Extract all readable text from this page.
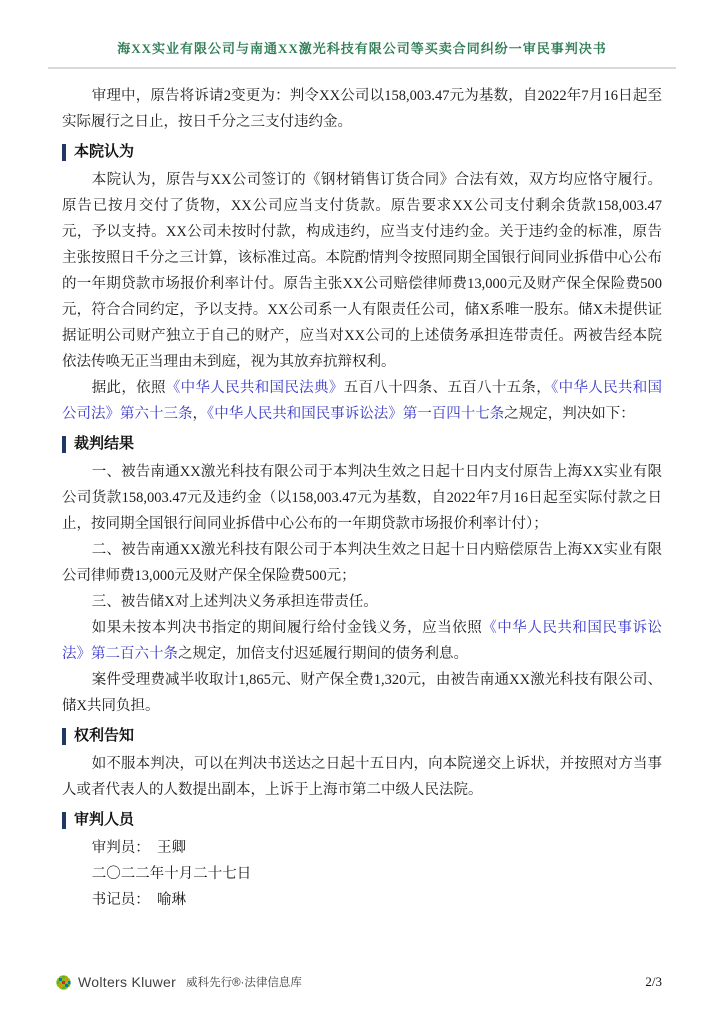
海XX实业有限公司与南通XX激光科技有限公司等买卖合同纠纷一审民事判决书

审理中，原告将诉请2变更为：判令XX公司以158,003.47元为基数，自2022年7月16日起至实际履行之日止，按日千分之三支付违约金。

本院认为

本院认为，原告与XX公司签订的《钢材销售订货合同》合法有效，双方均应恪守履行。原告已按月交付了货物，XX公司应当支付货款。原告要求XX公司支付剩余货款158,003.47元，予以支持。XX公司未按时付款，构成违约，应当支付违约金。关于违约金的标准，原告主张按照日千分之三计算，该标准过高。本院酌情判令按照同期全国银行间同业拆借中心公布的一年期贷款市场报价利率计付。原告主张XX公司赔偿律师费13,000元及财产保全保险费500元，符合合同约定，予以支持。XX公司系一人有限责任公司，储X系唯一股东。储X未提供证据证明公司财产独立于自己的财产，应当对XX公司的上述债务承担连带责任。两被告经本院依法传唤无正当理由未到庭，视为其放弃抗辩权利。

据此，依照《中华人民共和国民法典》五百八十四条、五百八十五条，《中华人民共和国公司法》第六十三条，《中华人民共和国民事诉讼法》第一百四十七条之规定，判决如下：

裁判结果

一、被告南通XX激光科技有限公司于本判决生效之日起十日内支付原告上海XX实业有限公司货款158,003.47元及违约金（以158,003.47元为基数，自2022年7月16日起至实际付款之日止，按同期全国银行间同业拆借中心公布的一年期贷款市场报价利率计付）；

二、被告南通XX激光科技有限公司于本判决生效之日起十日内赔偿原告上海XX实业有限公司律师费13,000元及财产保全保险费500元；

三、被告储X对上述判决义务承担连带责任。

如果未按本判决书指定的期间履行给付金钱义务，应当依照《中华人民共和国民事诉讼法》第二百六十条之规定，加倍支付迟延履行期间的债务利息。

案件受理费减半收取计1,865元、财产保全费1,320元，由被告南通XX激光科技有限公司、储X共同负担。

权利告知

如不服本判决，可以在判决书送达之日起十五日内，向本院递交上诉状，并按照对方当事人或者代表人的人数提出副本，上诉于上海市第二中级人民法院。

审判人员

审判员：　王卿

二〇二二年十月二十七日

书记员：　喻琳

Wolters Kluwer 威科先行®·法律信息库	2/3
